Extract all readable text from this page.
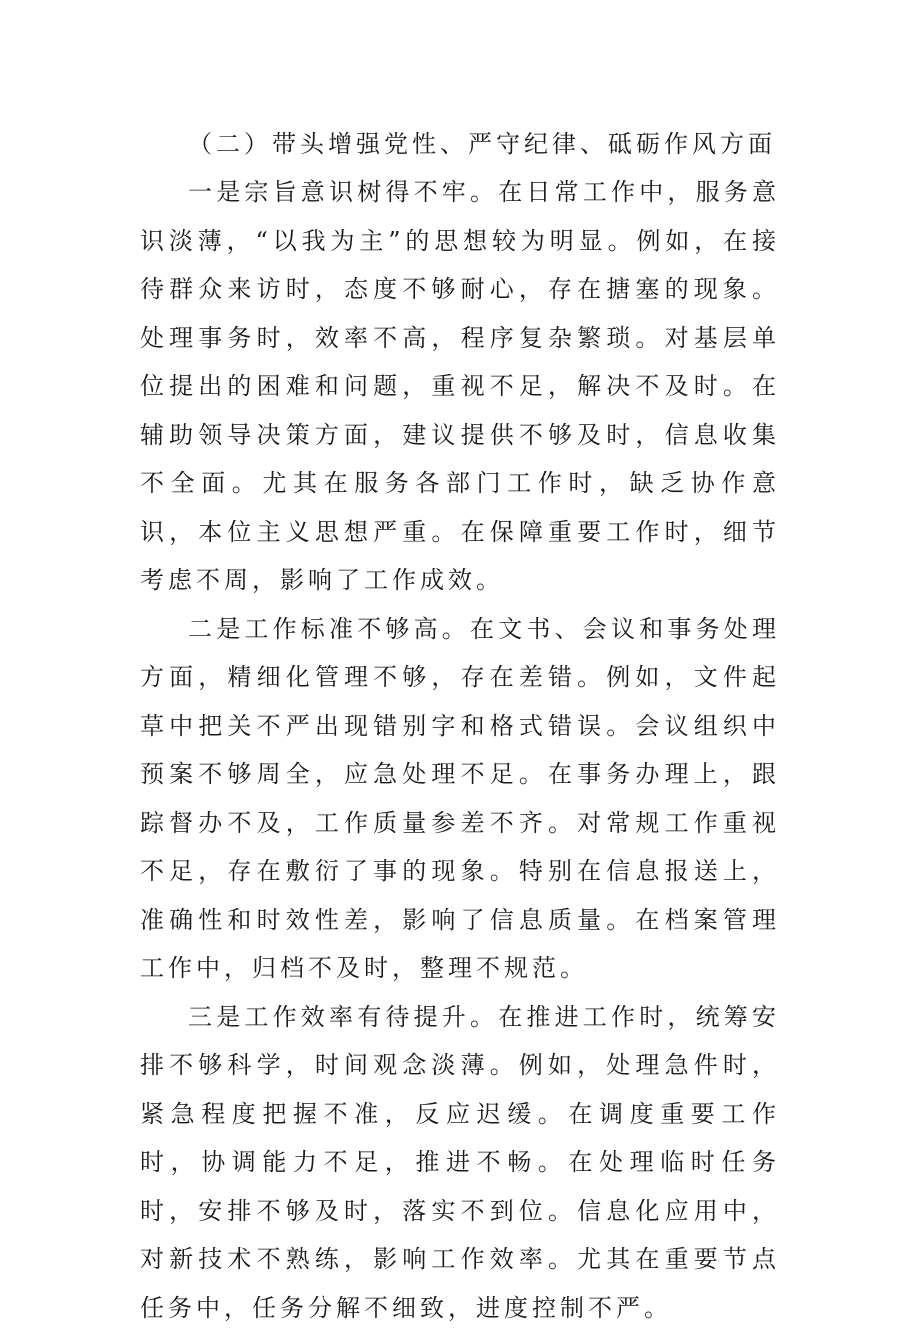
（二）带头增强党性、严守纪律、砥砺作风方面

一是宗旨意识树得不牢。在日常工作中，服务意识淡薄，“以我为主”的思想较为明显。例如，在接待群众来访时，态度不够耐心，存在搪塞的现象。处理事务时，效率不高，程序复杂繁琐。对基层单位提出的困难和问题，重视不足，解决不及时。在辅助领导决策方面，建议提供不够及时，信息收集不全面。尤其在服务各部门工作时，缺乏协作意识，本位主义思想严重。在保障重要工作时，细节考虑不周，影响了工作成效。

二是工作标准不够高。在文书、会议和事务处理方面，精细化管理不够，存在差错。例如，文件起草中把关不严出现错别字和格式错误。会议组织中预案不够周全，应急处理不足。在事务办理上，跟踪督办不及，工作质量参差不齐。对常规工作重视不足，存在敷衍了事的现象。特别在信息报送上，准确性和时效性差，影响了信息质量。在档案管理工作中，归档不及时，整理不规范。

三是工作效率有待提升。在推进工作时，统筹安排不够科学，时间观念淡薄。例如，处理急件时，紧急程度把握不准，反应迟缓。在调度重要工作时，协调能力不足，推进不畅。在处理临时任务时，安排不够及时，落实不到位。信息化应用中，对新技术不熟练，影响工作效率。尤其在重要节点任务中，任务分解不细致，进度控制不严。
